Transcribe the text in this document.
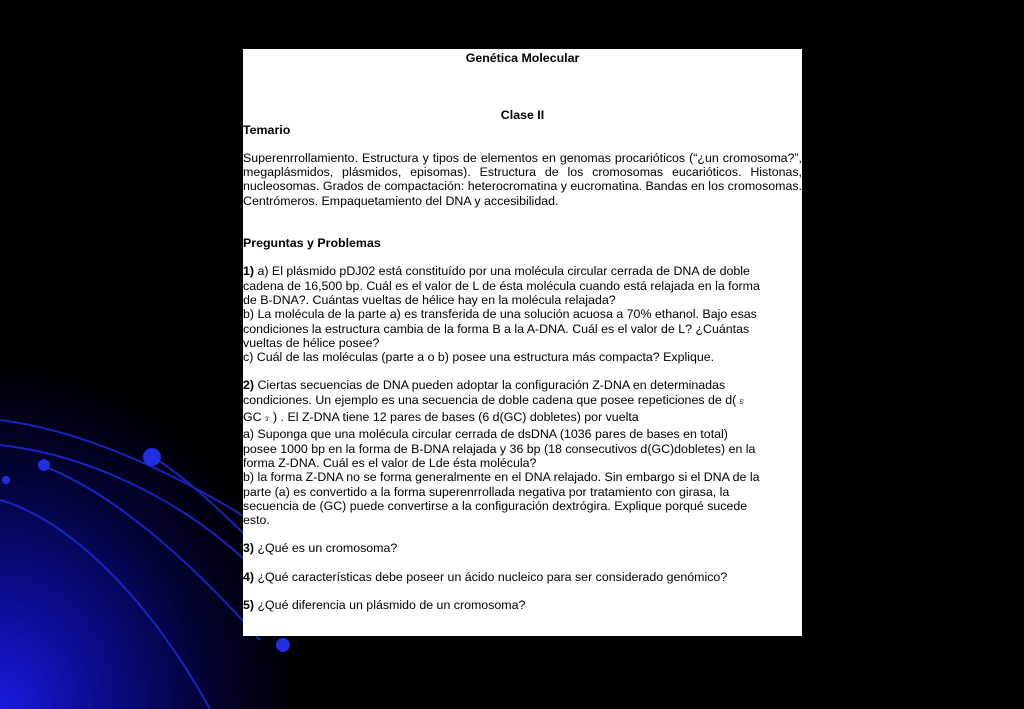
Genética Molecular
Clase II
Temario
Superenrrollamiento. Estructura y tipos de elementos en genomas procarióticos (“¿un cromosoma?”, megaplásmidos, plásmidos, episomas). Estructura de los cromosomas eucarióticos. Histonas, nucleosomas. Grados de compactación: heterocromatina y eucromatina. Bandas en los cromosomas. Centrómeros. Empaquetamiento del DNA y accesibilidad.
Preguntas y Problemas
1) a) El plásmido pDJ02 está constituído por una molécula circular cerrada de DNA de doble
cadena de 16,500 bp. Cuál es el valor de L de ésta molécula cuando está relajada en la forma
de B-DNA?. Cuántas vueltas de hélice hay en la molécula relajada?
b) La molécula de la parte a) es transferida de una solución acuosa a 70% ethanol. Bajo esas
condiciones la estructura cambia de la forma B a la A-DNA. Cuál es el valor de L? ¿Cuántas
vueltas de hélice posee?
c) Cuál de las moléculas (parte a o b) posee una estructura más compacta? Explique.
2) Ciertas secuencias de DNA pueden adoptar la configuración Z-DNA en determinadas
condiciones. Un ejemplo es una secuencia de doble cadena que posee repeticiones de d( 5'
GC 3' ) . El Z-DNA tiene 12 pares de bases (6 d(GC) dobletes) por vuelta
a) Suponga que una molécula circular cerrada de dsDNA (1036 pares de bases en total)
posee 1000 bp en la forma de B-DNA relajada y 36 bp (18 consecutivos d(GC)dobletes) en la
forma Z-DNA. Cuál es el valor de Lde ésta molécula?
b) la forma Z-DNA no se forma generalmente en el DNA relajado. Sin embargo si el DNA de la
parte (a) es convertido a la forma superenrrollada negativa por tratamiento con girasa, la
secuencia de (GC) puede convertirse a la configuración dextrógira. Explique porqué sucede
esto.
3) ¿Qué es un cromosoma?
4) ¿Qué características debe poseer un ácido nucleico para ser considerado genómico?
5) ¿Qué diferencia un plásmido de un cromosoma?
